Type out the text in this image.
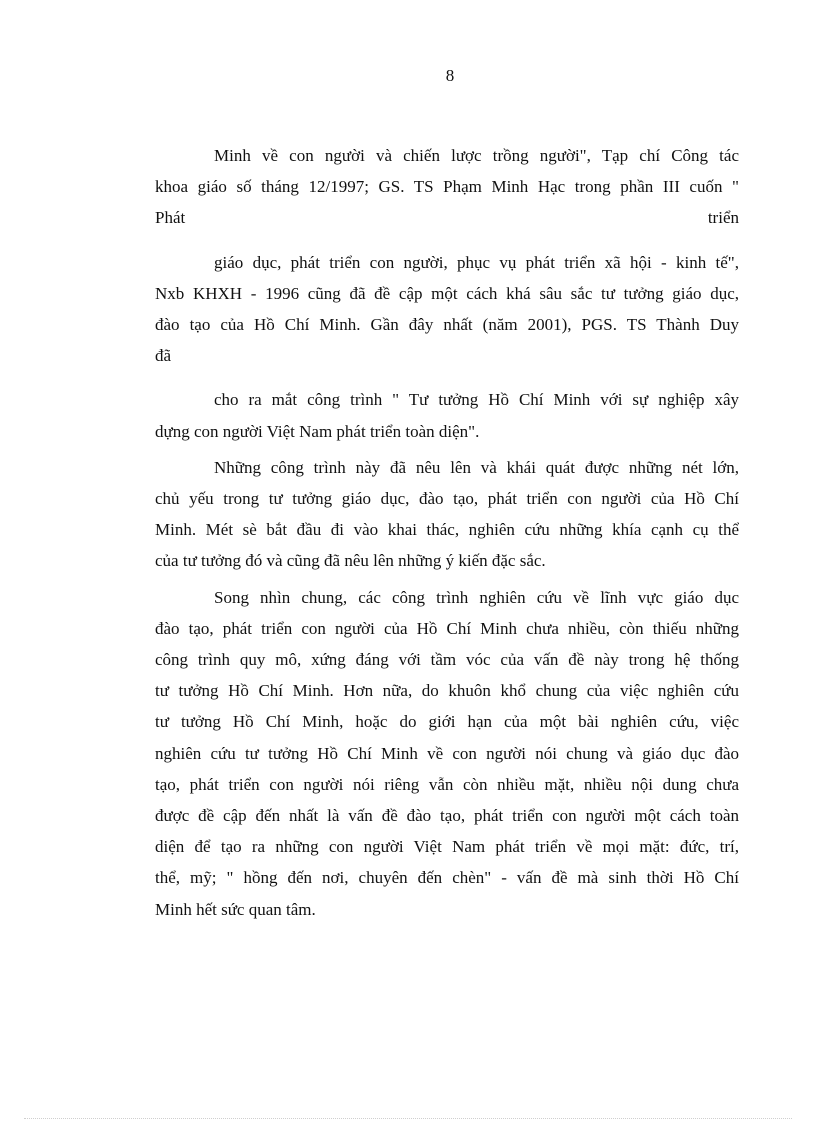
8
Minh về con người và chiến lược trồng người", Tạp chí Công tác
khoa giáo số tháng 12/1997; GS. TS Phạm Minh Hạc trong phần III cuốn "
Phát triển
giáo dục, phát triển con người, phục vụ phát triển xã hội - kinh tế",
Nxb KHXH - 1996 cũng đã đề cập một cách khá sâu sắc tư tưởng giáo dục,
đào tạo của Hồ Chí Minh. Gần đây nhất (năm 2001), PGS. TS Thành Duy
đã
cho ra mắt công trình " Tư tưởng Hồ Chí Minh với sự nghiệp xây
dựng con người Việt Nam phát triển toàn diện".
Những công trình này đã nêu lên và khái quát được những nét lớn,
chủ yếu trong tư tưởng giáo dục, đào tạo, phát triển con người của Hồ Chí
Minh. Mét sè bắt đầu đi vào khai thác, nghiên cứu những khía cạnh cụ thể
của tư tưởng đó và cũng đã nêu lên những ý kiến đặc sắc.
Song nhìn chung, các công trình nghiên cứu về lĩnh vực giáo dục
đào tạo, phát triển con người của Hồ Chí Minh chưa nhiều, còn thiếu những
công trình quy mô, xứng đáng với tầm vóc của vấn đề này trong hệ thống
tư tưởng Hồ Chí Minh. Hơn nữa, do khuôn khổ chung của việc nghiên cứu
tư tưởng Hồ Chí Minh, hoặc do giới hạn của một bài nghiên cứu, việc
nghiên cứu tư tưởng Hồ Chí Minh về con người nói chung và giáo dục đào
tạo, phát triển con người nói riêng vẫn còn nhiều mặt, nhiều nội dung chưa
được đề cập đến nhất là vấn đề đào tạo, phát triển con người một cách toàn
diện để tạo ra những con người Việt Nam phát triển về mọi mặt: đức, trí,
thể, mỹ; " hồng đến nơi, chuyên đến chèn" - vấn đề mà sinh thời Hồ Chí
Minh hết sức quan tâm.
